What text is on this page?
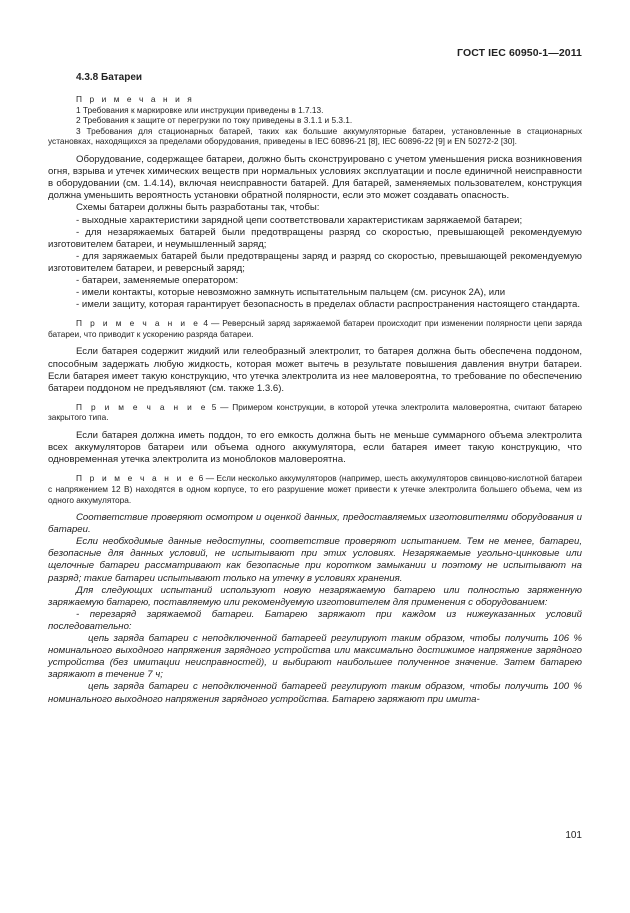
ГОСТ IEC 60950-1—2011

4.3.8 Батареи

П р и м е ч а н и я

1 Требования к маркировке или инструкции приведены в 1.7.13.

2 Требования к защите от перегрузки по току приведены в 3.1.1 и 5.3.1.

3 Требования для стационарных батарей, таких как большие аккумуляторные батареи, установленные в стационарных установках, находящихся за пределами оборудования, приведены в IEC 60896-21 [8], IEC 60896-22 [9] и EN 50272-2 [30].

Оборудование, содержащее батареи, должно быть сконструировано с учетом уменьшения риска возникновения огня, взрыва и утечек химических веществ при нормальных условиях эксплуатации и после единичной неисправности в оборудовании (см. 1.4.14), включая неисправности батарей. Для батарей, заменяемых пользователем, конструкция должна уменьшить вероятность установки обратной полярности, если это может создавать опасность.

Схемы батареи должны быть разработаны так, чтобы:

- выходные характеристики зарядной цепи соответствовали характеристикам заряжаемой батареи;

- для незаряжаемых батарей были предотвращены разряд со скоростью, превышающей рекомендуемую изготовителем батареи, и неумышленный заряд;

- для заряжаемых батарей были предотвращены заряд и разряд со скоростью, превышающей рекомендуемую изготовителем батареи, и реверсный заряд;

- батареи, заменяемые оператором:

- имели контакты, которые невозможно замкнуть испытательным пальцем (см. рисунок 2А), или

- имели защиту, которая гарантирует безопасность в пределах области распространения настоящего стандарта.

П р и м е ч а н и е 4 — Реверсный заряд заряжаемой батареи происходит при изменении полярности цепи заряда батареи, что приводит к ускорению разряда батареи.

Если батарея содержит жидкий или гелеобразный электролит, то батарея должна быть обеспечена поддоном, способным задержать любую жидкость, которая может вытечь в результате повышения давления внутри батареи. Если батарея имеет такую конструкцию, что утечка электролита из нее маловероятна, то требование по обеспечению батареи поддоном не предъявляют (см. также 1.3.6).

П р и м е ч а н и е 5 — Примером конструкции, в которой утечка электролита маловероятна, считают батарею закрытого типа.

Если батарея должна иметь поддон, то его емкость должна быть не меньше суммарного объема электролита всех аккумуляторов батареи или объема одного аккумулятора, если батарея имеет такую конструкцию, что одновременная утечка электролита из моноблоков маловероятна.

П р и м е ч а н и е 6 — Если несколько аккумуляторов (например, шесть аккумуляторов свинцово-кислотной батареи с напряжением 12 В) находятся в одном корпусе, то его разрушение может привести к утечке электролита большего объема, чем из одного аккумулятора.

Соответствие проверяют осмотром и оценкой данных, предоставляемых изготовителями оборудования и батареи.

Если необходимые данные недоступны, соответствие проверяют испытанием. Тем не менее, батареи, безопасные для данных условий, не испытывают при этих условиях. Незаряжаемые угольно-цинковые или щелочные батареи рассматривают как безопасные при коротком замыкании и поэтому не испытывают на разряд; такие батареи испытывают только на утечку в условиях хранения.

Для следующих испытаний используют новую незаряжаемую батарею или полностью заряженную заряжаемую батарею, поставляемую или рекомендуемую изготовителем для применения с оборудованием:

- перезаряд заряжаемой батареи. Батарею заряжают при каждом из нижеуказанных условий последовательно:

цепь заряда батареи с неподключенной батареей регулируют таким образом, чтобы получить 106 % номинального выходного напряжения зарядного устройства или максимально достижимое напряжение зарядного устройства (без имитации неисправностей), и выбирают наибольшее полученное значение. Затем батарею заряжают в течение 7 ч;

цепь заряда батареи с неподключенной батареей регулируют таким образом, чтобы получить 100 % номинального выходного напряжения зарядного устройства. Батарею заряжают при имита-

101
